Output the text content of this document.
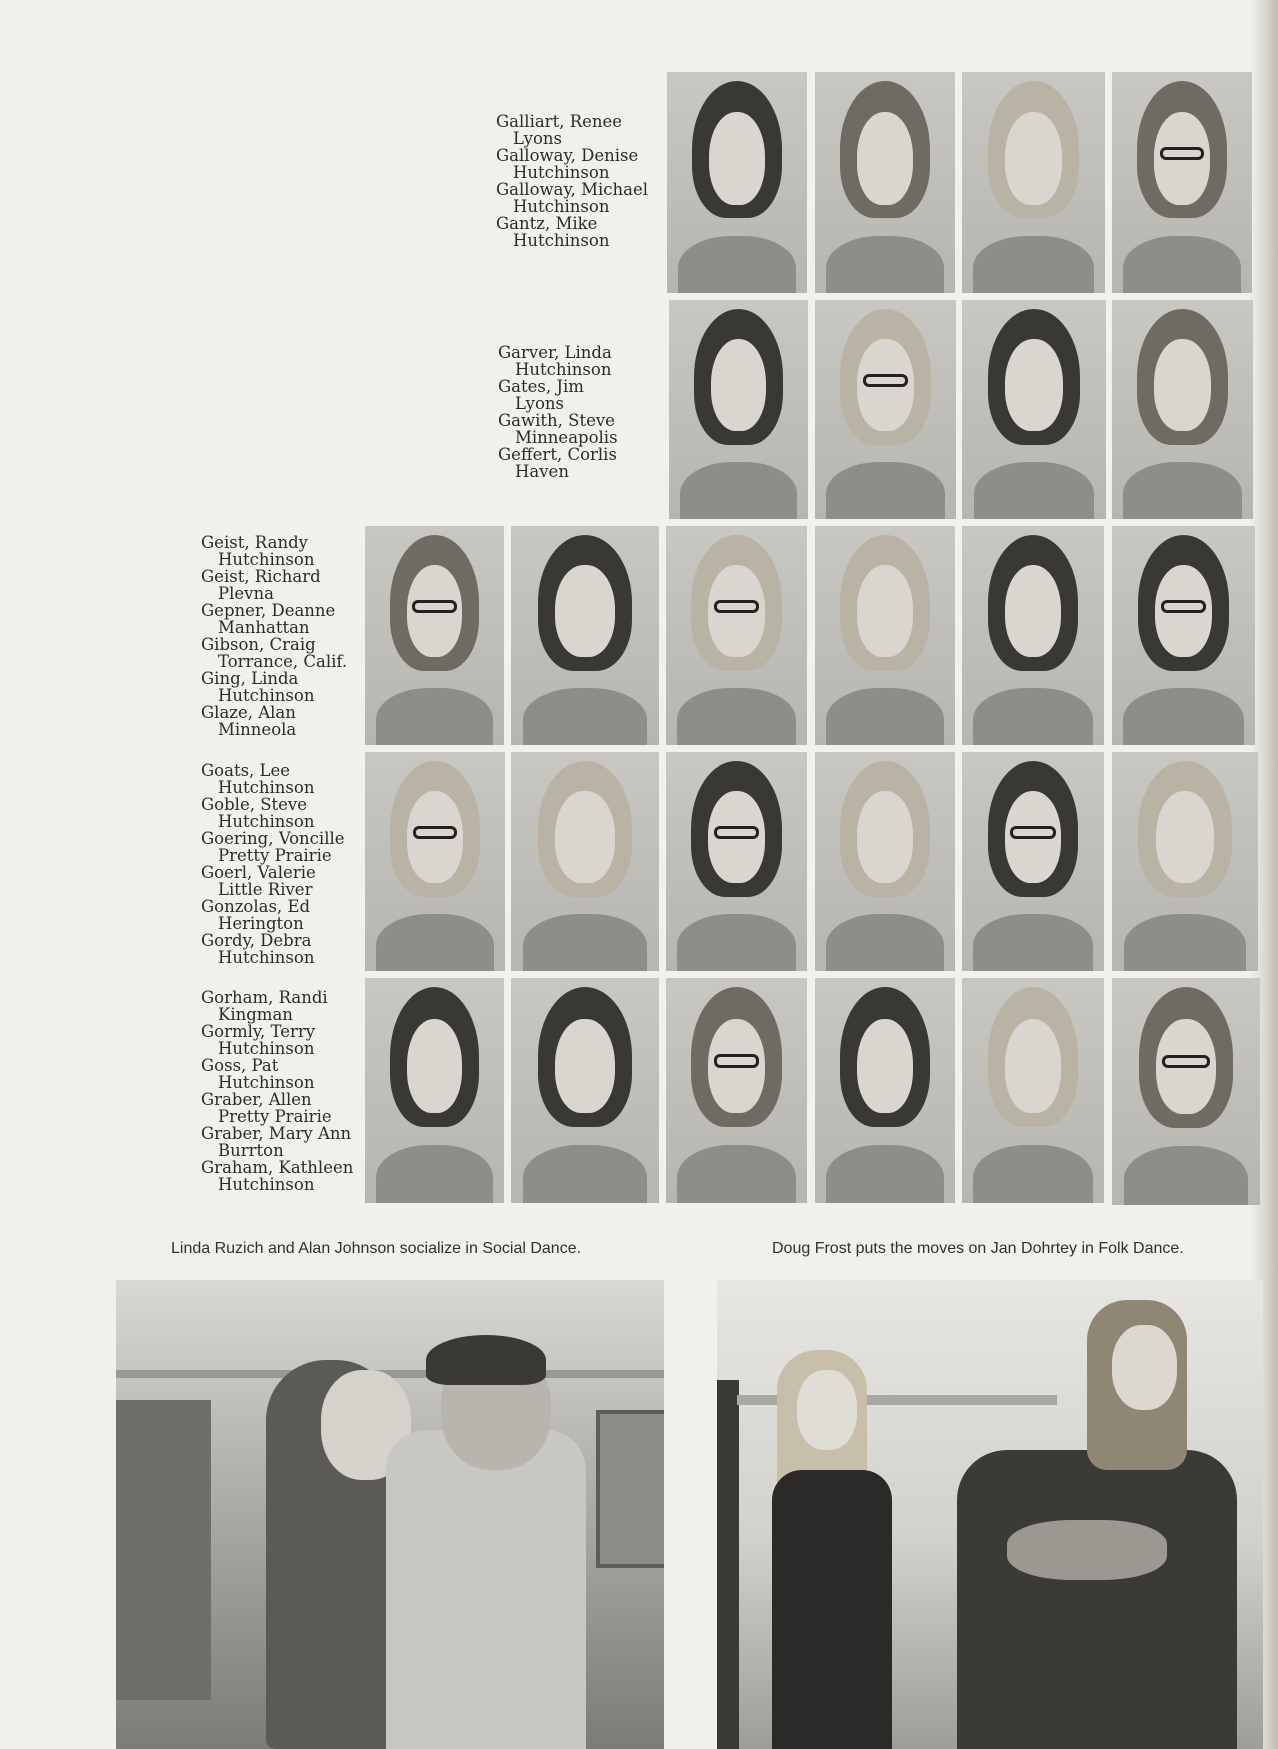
Galliart, Renee
Lyons
Galloway, Denise
Hutchinson
Galloway, Michael
Hutchinson
Gantz, Mike
Hutchinson
Garver, Linda
Hutchinson
Gates, Jim
Lyons
Gawith, Steve
Minneapolis
Geffert, Corlis
Haven
Geist, Randy
Hutchinson
Geist, Richard
Plevna
Gepner, Deanne
Manhattan
Gibson, Craig
Torrance, Calif.
Ging, Linda
Hutchinson
Glaze, Alan
Minneola
Goats, Lee
Hutchinson
Goble, Steve
Hutchinson
Goering, Voncille
Pretty Prairie
Goerl, Valerie
Little River
Gonzolas, Ed
Herington
Gordy, Debra
Hutchinson
Gorham, Randi
Kingman
Gormly, Terry
Hutchinson
Goss, Pat
Hutchinson
Graber, Allen
Pretty Prairie
Graber, Mary Ann
Burrton
Graham, Kathleen
Hutchinson
Linda Ruzich and Alan Johnson socialize in Social Dance.	Doug Frost puts the moves on Jan Dohrtey in Folk Dance.
